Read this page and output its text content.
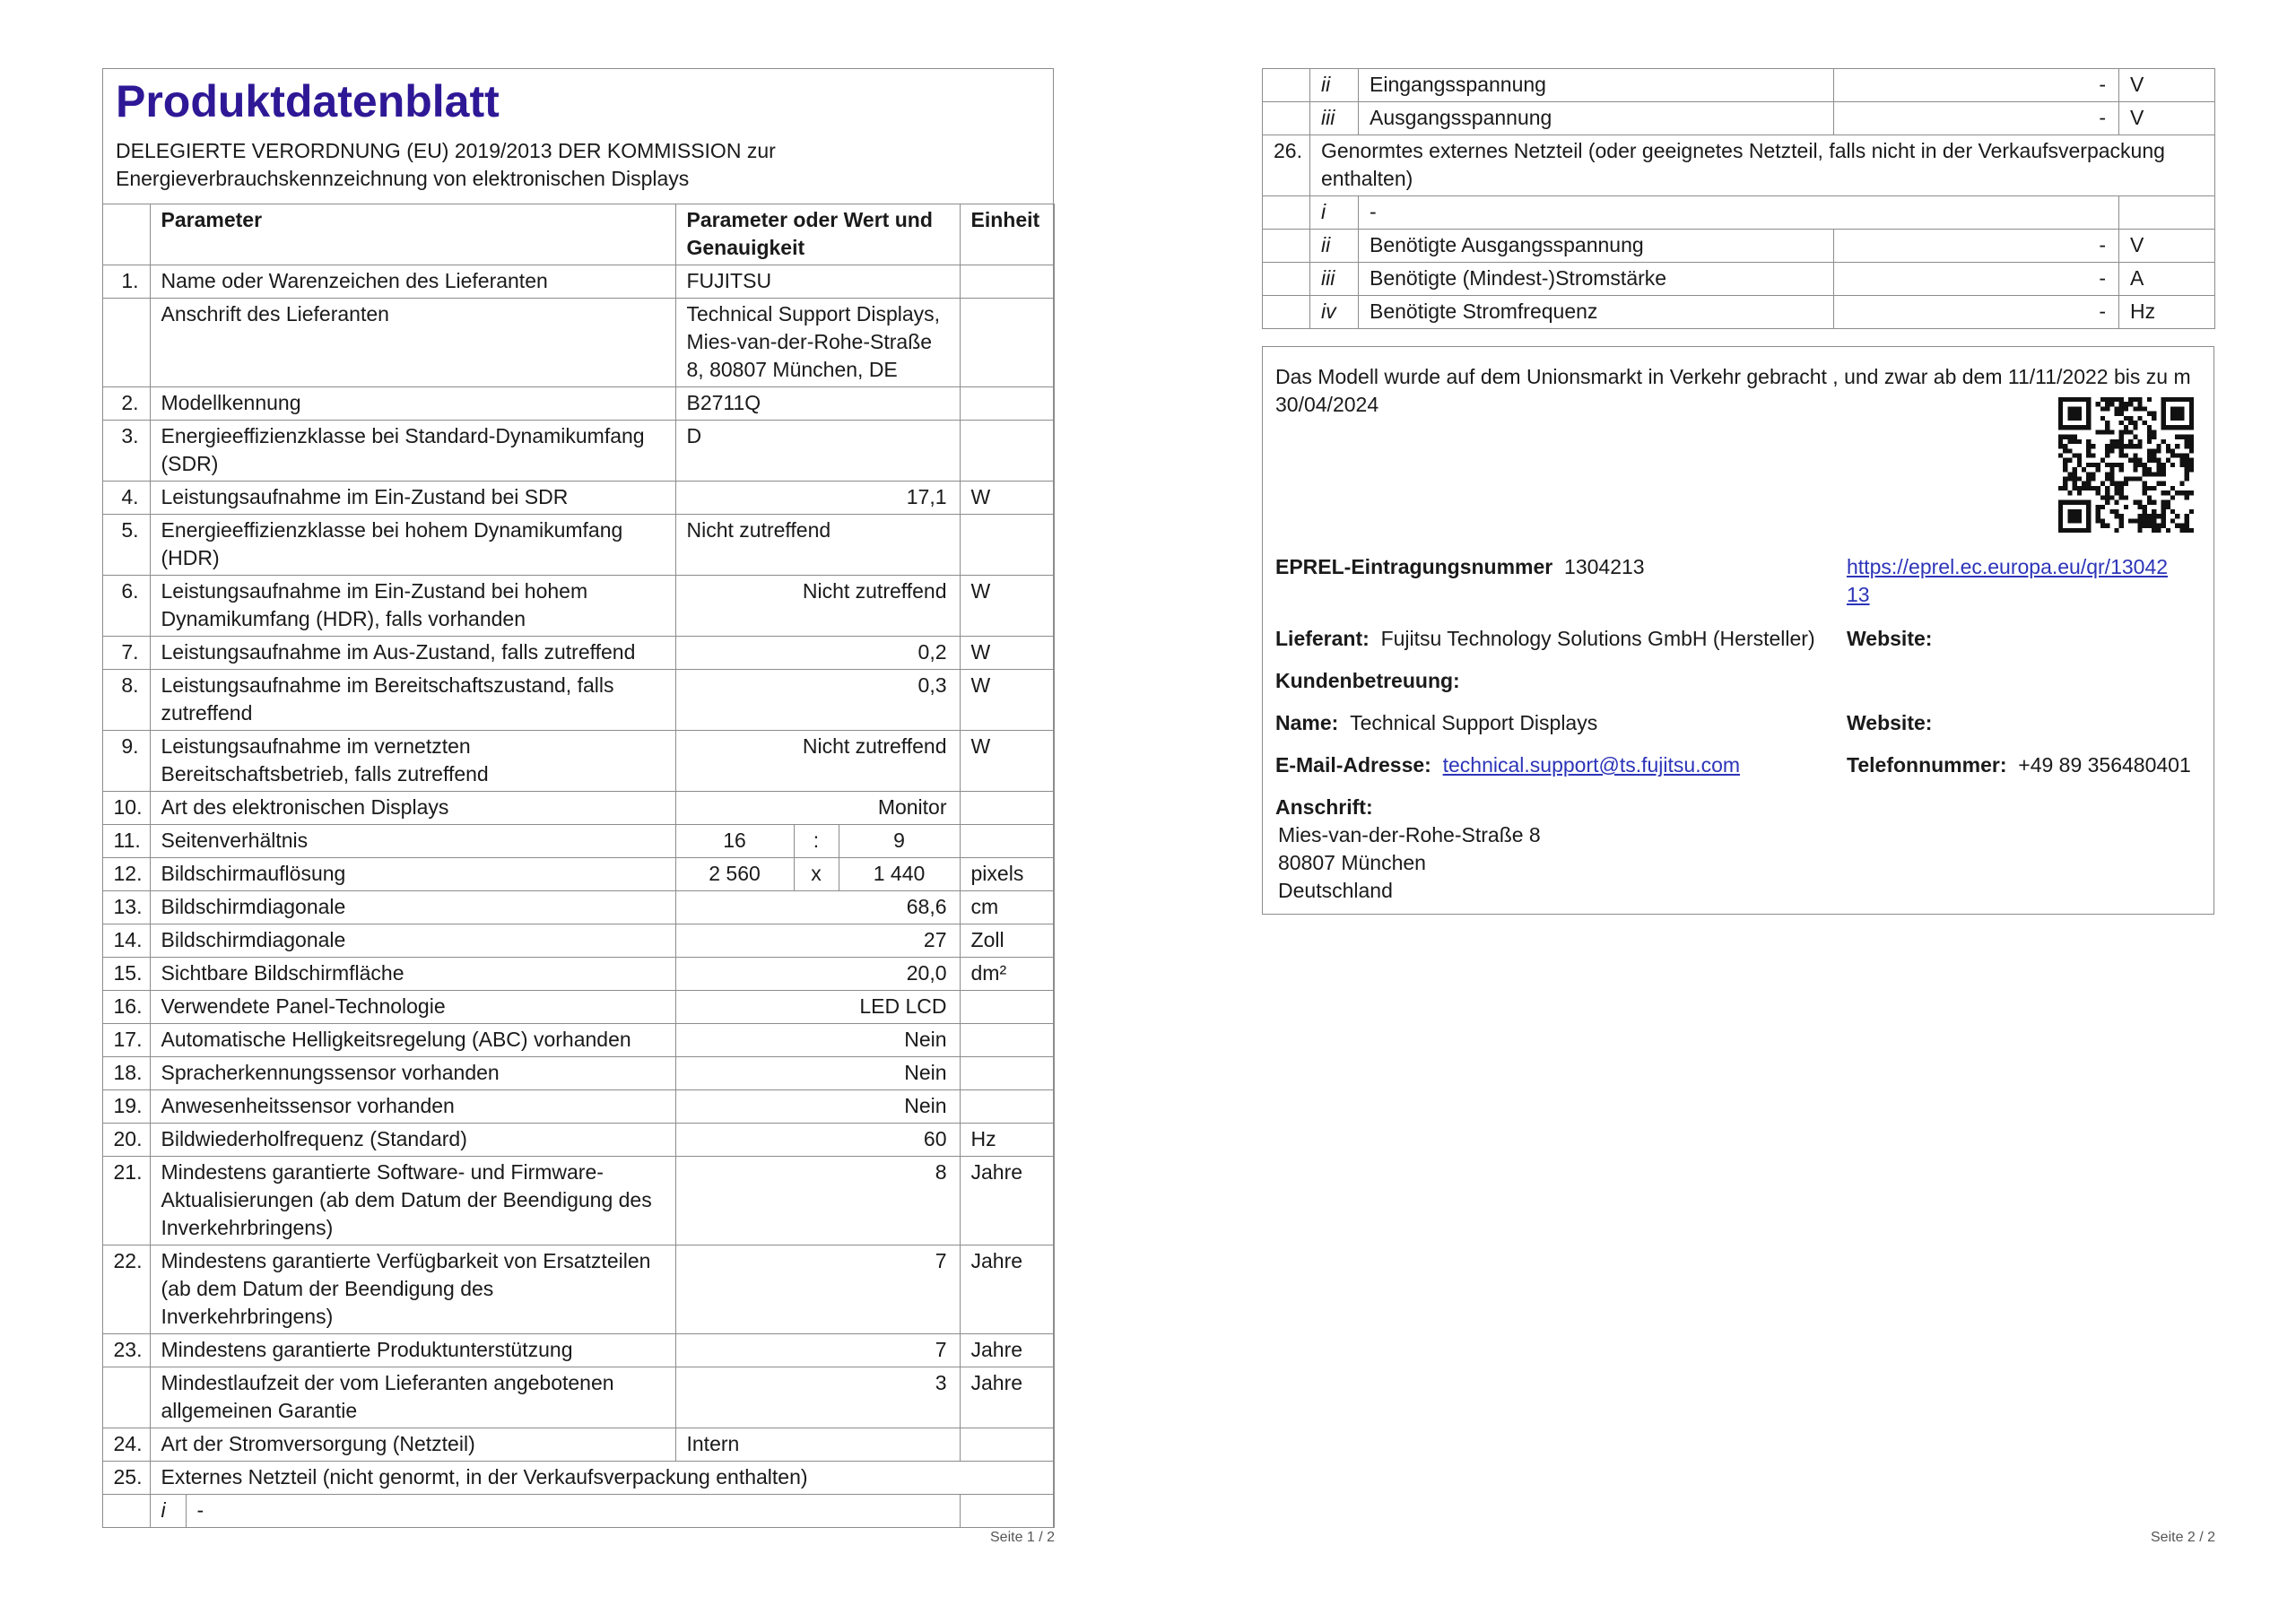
Produktdatenblatt
DELEGIERTE VERORDNUNG (EU) 2019/2013 DER KOMMISSION zur Energieverbrauchskennzeichnung von elektronischen Displays
	Parameter	Parameter oder Wert und Genauigkeit			Einheit
1.	Name oder Warenzeichen des Lieferanten	FUJITSU			
	Anschrift des Lieferanten	Technical Support Displays, Mies-van-der-Rohe-Straße 8, 80807 München, DE			
2.	Modellkennung	B2711Q			
3.	Energieeffizienzklasse bei Standard-Dynamikumfang (SDR)	D			
4.	Leistungsaufnahme im Ein-Zustand bei SDR	17,1			W
5.	Energieeffizienzklasse bei hohem Dynamikumfang (HDR)	Nicht zutreffend			
6.	Leistungsaufnahme im Ein-Zustand bei hohem Dynamikumfang (HDR), falls vorhanden	Nicht zutreffend			W
7.	Leistungsaufnahme im Aus-Zustand, falls zutreffend	0,2			W
8.	Leistungsaufnahme im Bereitschaftszustand, falls zutreffend	0,3			W
9.	Leistungsaufnahme im vernetzten Bereitschaftsbetrieb, falls zutreffend	Nicht zutreffend			W
10.	Art des elektronischen Displays	Monitor			
11.	Seitenverhältnis	16	:	9	
12.	Bildschirmauflösung	2 560	x	1 440	pixels
13.	Bildschirmdiagonale	68,6			cm
14.	Bildschirmdiagonale	27			Zoll
15.	Sichtbare Bildschirmfläche	20,0			dm²
16.	Verwendete Panel-Technologie	LED LCD			
17.	Automatische Helligkeitsregelung (ABC) vorhanden	Nein			
18.	Spracherkennungssensor vorhanden	Nein			
19.	Anwesenheitssensor vorhanden	Nein			
20.	Bildwiederholfrequenz (Standard)	60			Hz
21.	Mindestens garantierte Software- und Firmware-Aktualisierungen (ab dem Datum der Beendigung des Inverkehrbringens)	8			Jahre
22.	Mindestens garantierte Verfügbarkeit von Ersatzteilen (ab dem Datum der Beendigung des Inverkehrbringens)	7			Jahre
23.	Mindestens garantierte Produktunterstützung	7			Jahre
	Mindestlaufzeit der vom Lieferanten angebotenen allgemeinen Garantie	3			Jahre
24.	Art der Stromversorgung (Netzteil)	Intern			
25.	Externes Netzteil (nicht genormt, in der Verkaufsverpackung enthalten)				

	i -				

Seite 1 / 2
	ii	Eingangsspannung	-	V
	iii	Ausgangsspannung	-	V
26.	Genormtes externes Netzteil (oder geeignetes Netzteil, falls nicht in der Verkaufsverpackung enthalten)			
	i	-		
	ii	Benötigte Ausgangsspannung	-	V
	iii	Benötigte (Mindest-)Stromstärke	-	A
	iv	Benötigte Stromfrequenz	-	Hz
Das Modell wurde auf dem Unionsmarkt in Verkehr gebracht , und zwar ab dem 11/11/2022 bis zu m 30/04/2024
EPREL-Eintragungsnummer 1304213	https://eprel.ec.europa.eu/qr/1304213
Lieferant: Fujitsu Technology Solutions GmbH (Hersteller) Website:
Kundenbetreuung:
Name: Technical Support Displays	Website:
E-Mail-Adresse: technical.support@ts.fujitsu.com	Telefonnummer: +49 89 356480401
Anschrift:
Mies-van-der-Rohe-Straße 8
80807 München
Deutschland
Seite 2 / 2
